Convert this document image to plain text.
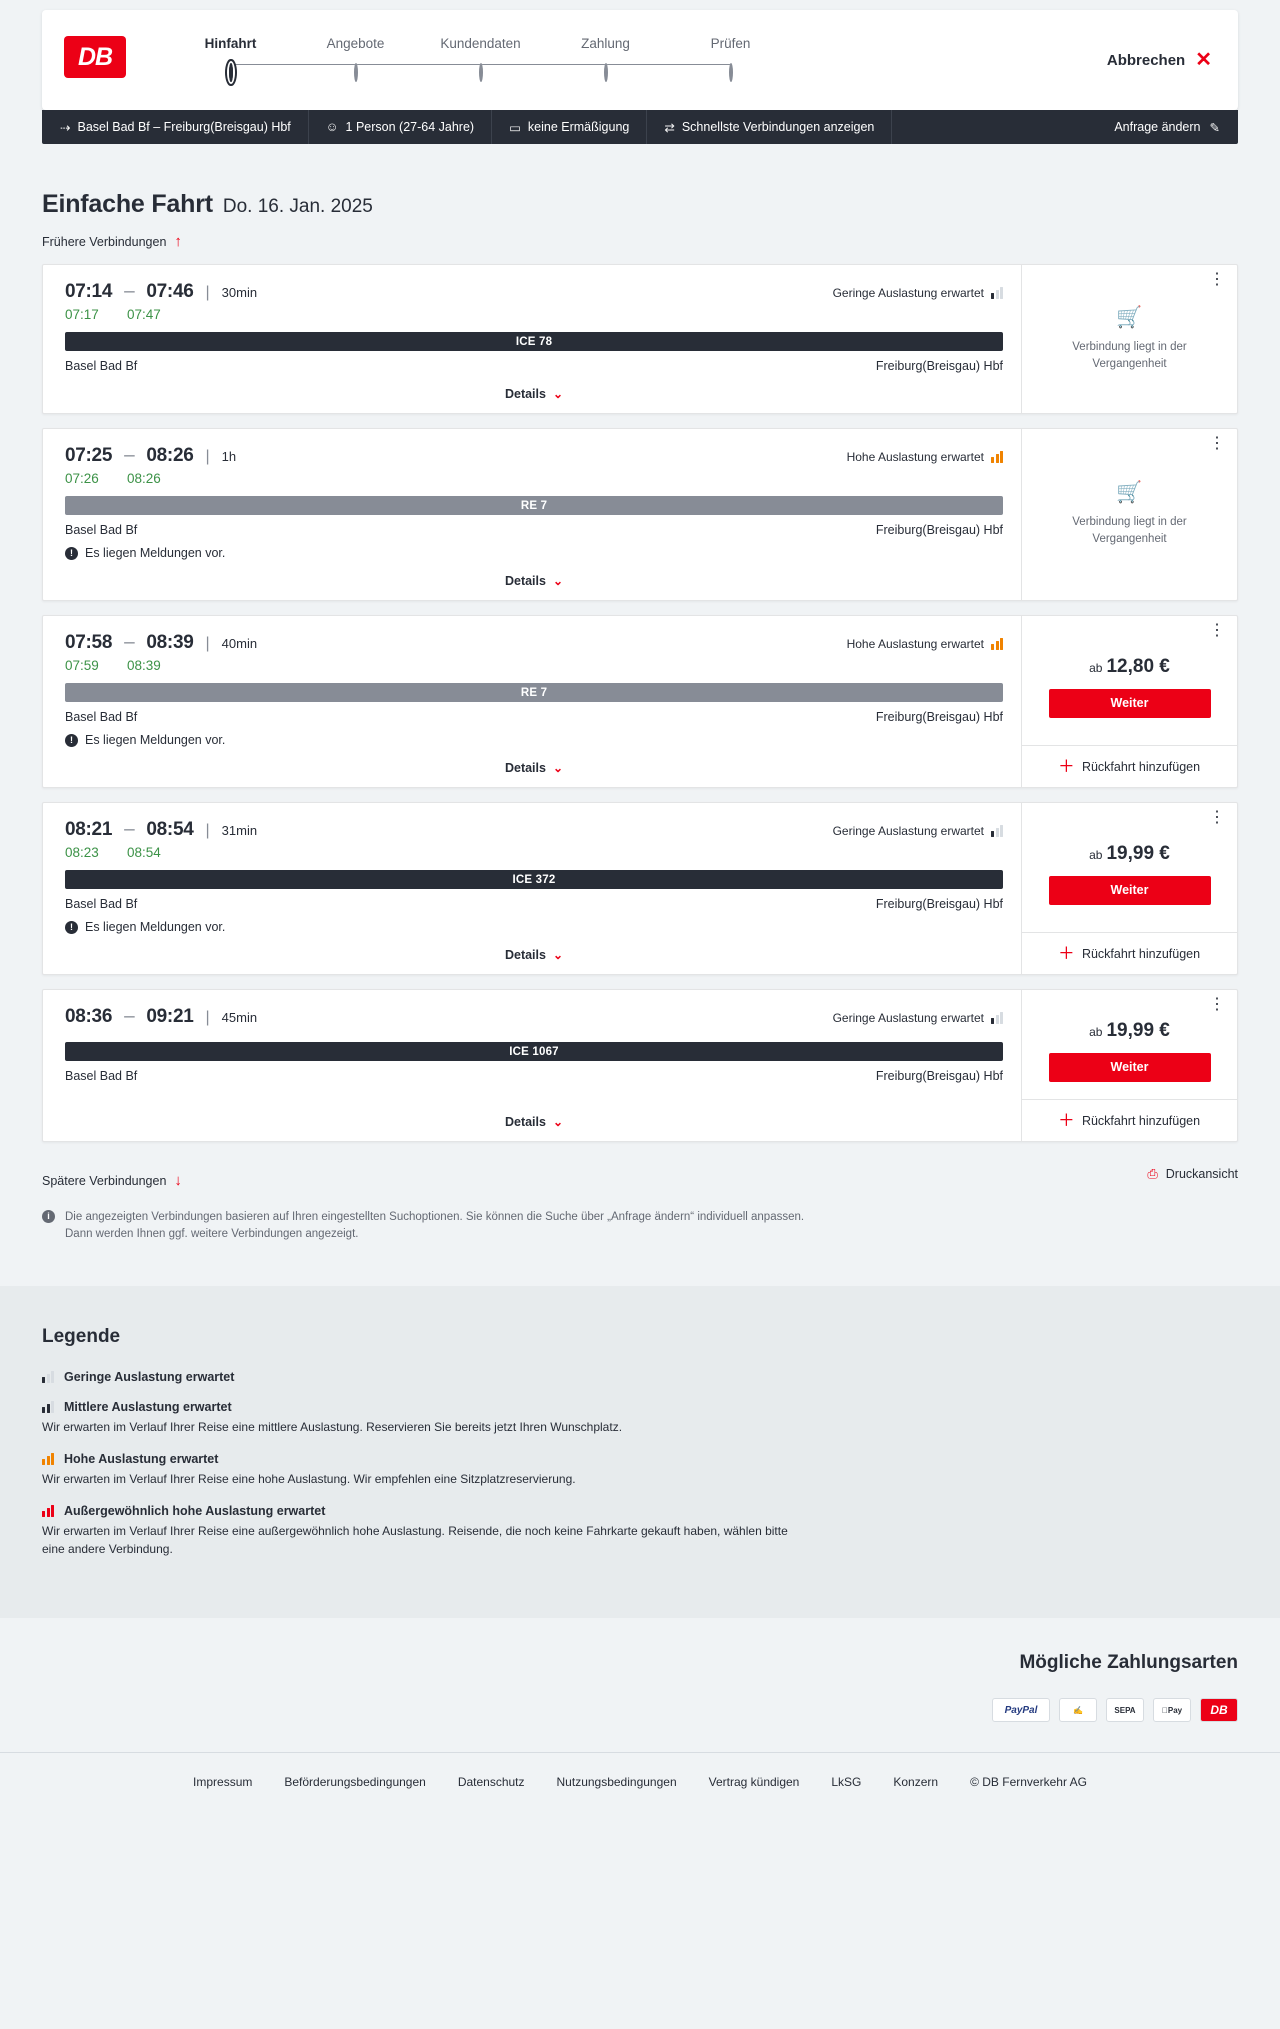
DB	Hinfahrt	Angebote	Kundendaten	Zahlung	Prüfen
Abbrechen ✕
⇢ Basel Bad Bf – Freiburg(Breisgau) Hbf	☺ 1 Person (27-64 Jahre)	▭ keine Ermäßigung	⇄ Schnellste Verbindungen anzeigen	Anfrage ändern ✎
Einfache Fahrt Do. 16. Jan. 2025
Frühere Verbindungen ↑
07:14 – 07:46 | 30min	Geringe Auslastung erwartet
07:17	07:47
ICE 78
Basel Bad Bf	Freiburg(Breisgau) Hbf
Details ⌄
⋮
🛒
Verbindung liegt in der Vergangenheit
07:25 – 08:26 | 1h	Hohe Auslastung erwartet
07:26	08:26
RE 7
Basel Bad Bf	Freiburg(Breisgau) Hbf
! Es liegen Meldungen vor.
Details ⌄
⋮
🛒
Verbindung liegt in der Vergangenheit
07:58 – 08:39 | 40min	Hohe Auslastung erwartet
07:59	08:39
RE 7
Basel Bad Bf	Freiburg(Breisgau) Hbf
! Es liegen Meldungen vor.
Details ⌄
⋮
ab 12,80 €
Weiter
＋ Rückfahrt hinzufügen
08:21 – 08:54 | 31min	Geringe Auslastung erwartet
08:23	08:54
ICE 372
Basel Bad Bf	Freiburg(Breisgau) Hbf
! Es liegen Meldungen vor.
Details ⌄
⋮
ab 19,99 €
Weiter
＋ Rückfahrt hinzufügen
08:36 – 09:21 | 45min	Geringe Auslastung erwartet
ICE 1067
Basel Bad Bf	Freiburg(Breisgau) Hbf
Details ⌄
⋮
ab 19,99 €
Weiter
＋ Rückfahrt hinzufügen
Spätere Verbindungen ↓	⎙ Druckansicht
i	Die angezeigten Verbindungen basieren auf Ihren eingestellten Suchoptionen. Sie können die Suche über „Anfrage ändern“ individuell anpassen. Dann werden Ihnen ggf. weitere Verbindungen angezeigt.
Legende
Geringe Auslastung erwartet
Mittlere Auslastung erwartet
Wir erwarten im Verlauf Ihrer Reise eine mittlere Auslastung. Reservieren Sie bereits jetzt Ihren Wunschplatz.
Hohe Auslastung erwartet
Wir erwarten im Verlauf Ihrer Reise eine hohe Auslastung. Wir empfehlen eine Sitzplatzreservierung.
Außergewöhnlich hohe Auslastung erwartet
Wir erwarten im Verlauf Ihrer Reise eine außergewöhnlich hohe Auslastung. Reisende, die noch keine Fahrkarte gekauft haben, wählen bitte eine andere Verbindung.
Mögliche Zahlungsarten
PayPal	✍	SEPA	Pay	DB
Impressum	Beförderungsbedingungen	Datenschutz	Nutzungsbedingungen	Vertrag kündigen	LkSG	Konzern	© DB Fernverkehr AG
